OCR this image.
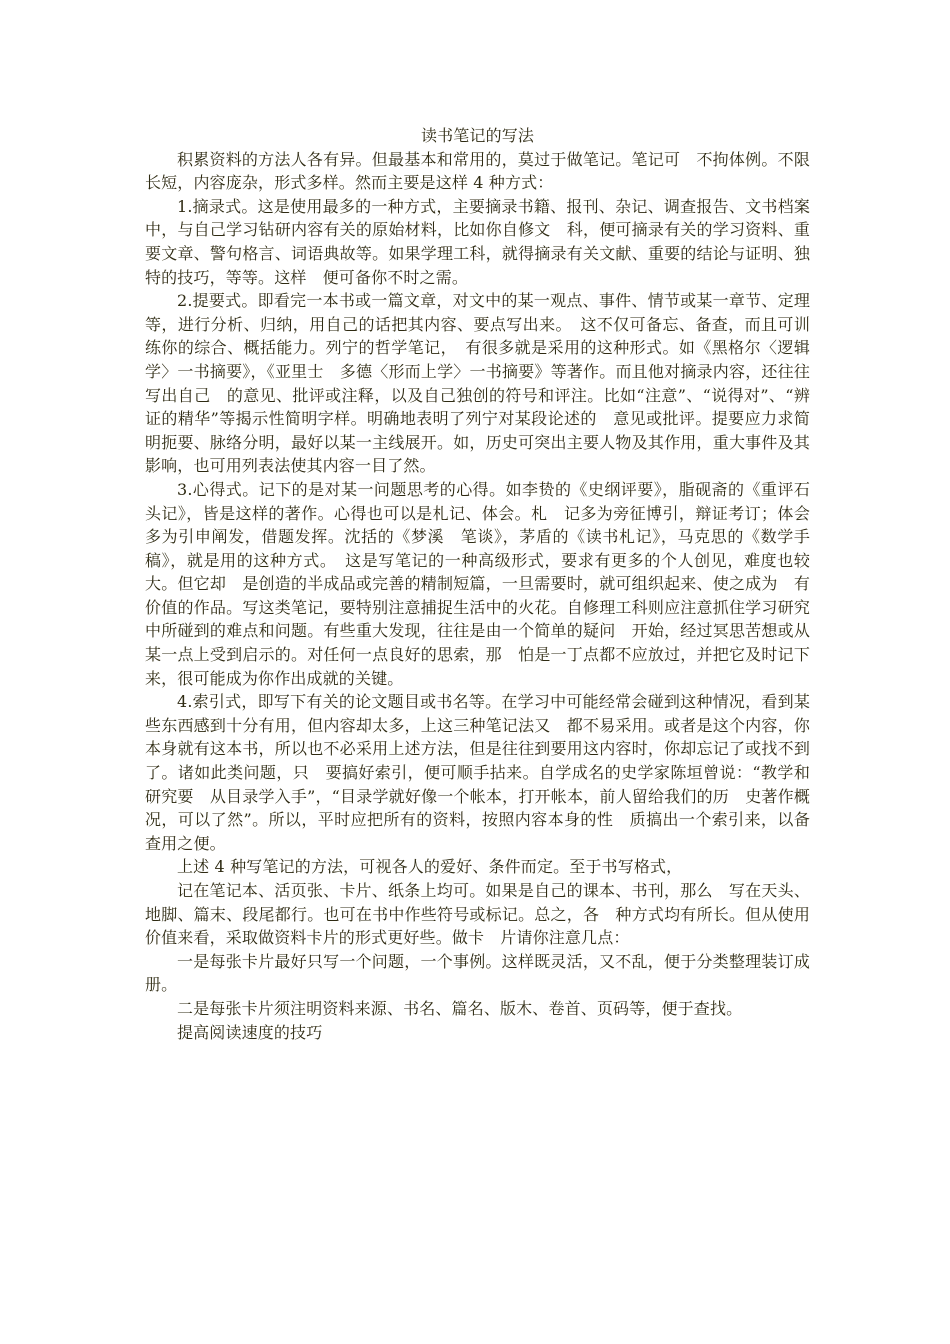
读书笔记的写法

积累资料的方法人各有异。但最基本和常用的，莫过于做笔记。笔记可　不拘体例。不限长短，内容庞杂，形式多样。然而主要是这样 4 种方式：

1.摘录式。这是使用最多的一种方式，主要摘录书籍、报刊、杂记、调查报告、文书档案中，与自己学习钻研内容有关的原始材料，比如你自修文　科，便可摘录有关的学习资料、重要文章、警句格言、词语典故等。如果学理工科，就得摘录有关文献、重要的结论与证明、独特的技巧，等等。这样　便可备你不时之需。

2.提要式。即看完一本书或一篇文章，对文中的某一观点、事件、情节或某一章节、定理等，进行分析、归纳，用自己的话把其内容、要点写出来。　这不仅可备忘、备查，而且可训练你的综合、概括能力。列宁的哲学笔记，　有很多就是采用的这种形式。如《黑格尔〈逻辑学〉一书摘要》，《亚里士　多德〈形而上学〉一书摘要》等著作。而且他对摘录内容，还往往写出自己　的意见、批评或注释，以及自己独创的符号和评注。比如“注意”、“说得对”、“辨证的精华”等揭示性简明字样。明确地表明了列宁对某段论述的　意见或批评。提要应力求简明扼要、脉络分明，最好以某一主线展开。如，历史可突出主要人物及其作用，重大事件及其影响，也可用列表法使其内容一目了然。

3.心得式。记下的是对某一问题思考的心得。如李贽的《史纲评要》，脂砚斋的《重评石头记》，皆是这样的著作。心得也可以是札记、体会。札　记多为旁征博引，辩证考订；体会多为引申阐发，借题发挥。沈括的《梦溪　笔谈》，茅盾的《读书札记》，马克思的《数学手稿》，就是用的这种方式。　这是写笔记的一种高级形式，要求有更多的个人创见，难度也较大。但它却　是创造的半成品或完善的精制短篇，一旦需要时，就可组织起来、使之成为　有价值的作品。写这类笔记，要特别注意捕捉生活中的火花。自修理工科则应注意抓住学习研究中所碰到的难点和问题。有些重大发现，往往是由一个简单的疑问　开始，经过冥思苦想或从某一点上受到启示的。对任何一点良好的思索，那　怕是一丁点都不应放过，并把它及时记下来，很可能成为你作出成就的关键。

4.索引式，即写下有关的论文题目或书名等。在学习中可能经常会碰到这种情况，看到某些东西感到十分有用，但内容却太多，上这三种笔记法又　都不易采用。或者是这个内容，你本身就有这本书，所以也不必采用上述方法，但是往往到要用这内容时，你却忘记了或找不到了。诸如此类问题，只　要搞好索引，便可顺手拈来。自学成名的史学家陈垣曾说：“教学和研究要　从目录学入手”，“目录学就好像一个帐本，打开帐本，前人留给我们的历　史著作概况，可以了然”。所以，平时应把所有的资料，按照内容本身的性　质搞出一个索引来，以备查用之便。

上述 4 种写笔记的方法，可视各人的爱好、条件而定。至于书写格式，

记在笔记本、活页张、卡片、纸条上均可。如果是自己的课本、书刊，那么　写在天头、地脚、篇末、段尾都行。也可在书中作些符号或标记。总之，各　种方式均有所长。但从使用价值来看，采取做资料卡片的形式更好些。做卡　片请你注意几点：

一是每张卡片最好只写一个问题，一个事例。这样既灵活，又不乱，便于分类整理装订成册。

二是每张卡片须注明资料来源、书名、篇名、版木、卷首、页码等，便于查找。

提高阅读速度的技巧
